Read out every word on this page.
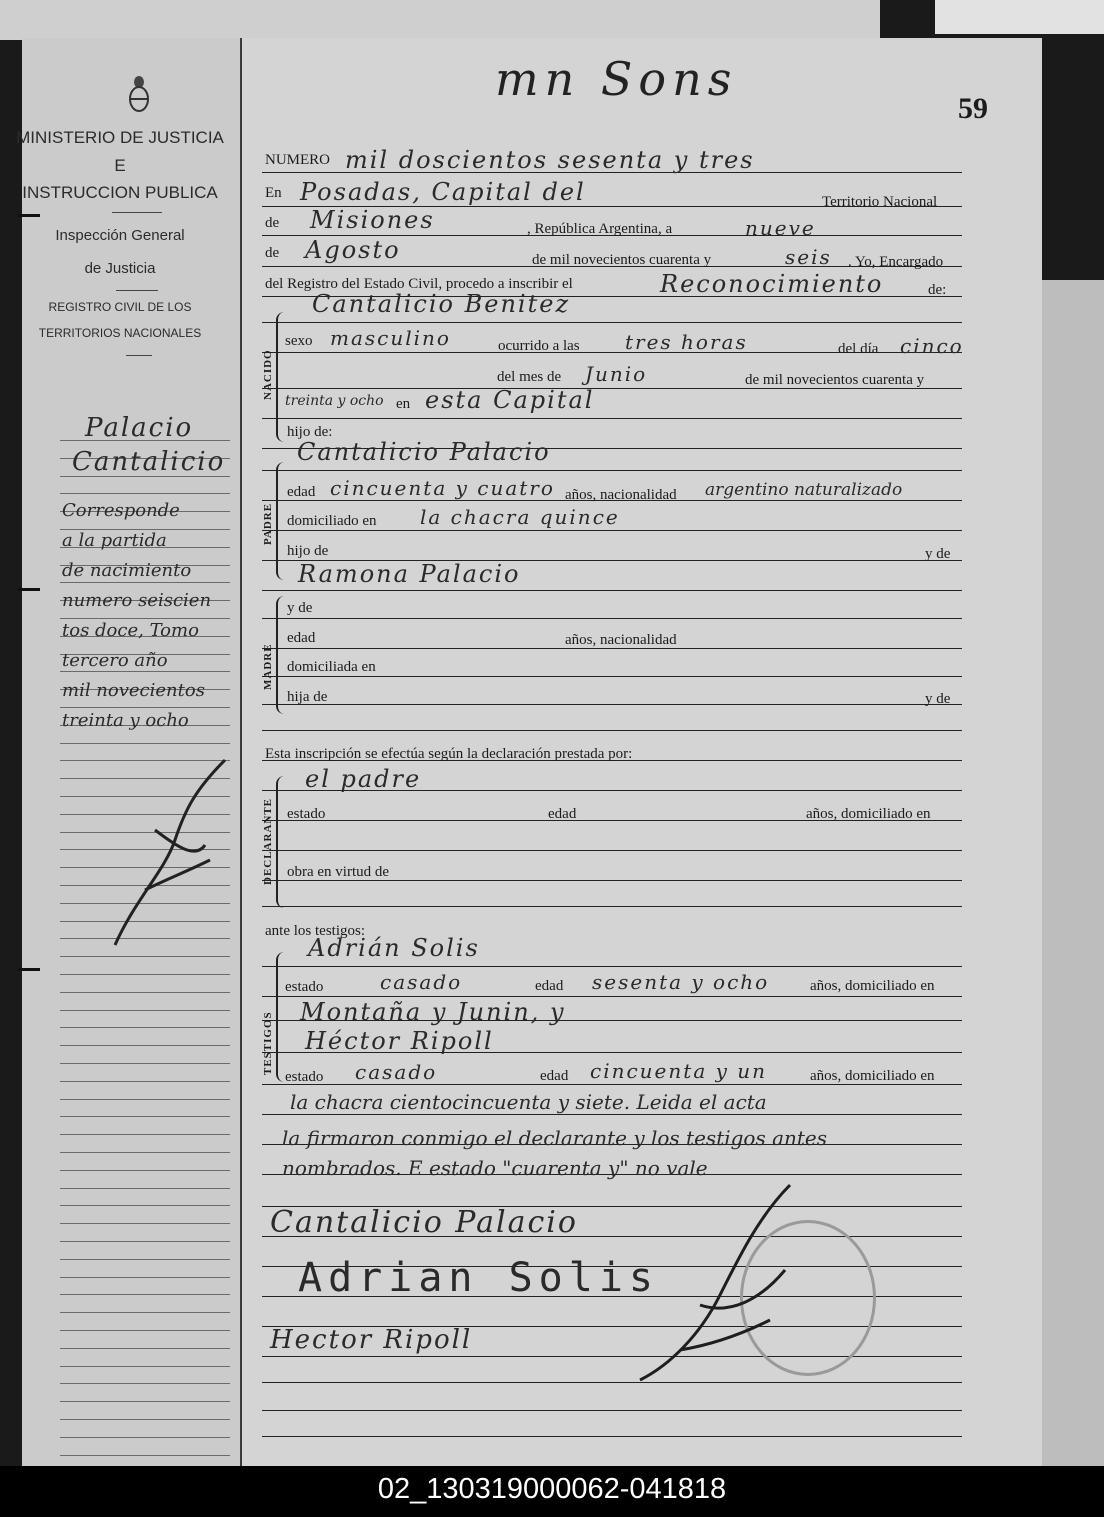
MINISTERIO DE JUSTICIA
E
INSTRUCCION PUBLICA
Inspección General
de Justicia
REGISTRO CIVIL DE LOS
TERRITORIOS NACIONALES
Palacio
Cantalicio
Corresponde
a la partida
de nacimiento
numero seiscien
tos doce, Tomo
tercero año
mil novecientos
treinta y ocho
mn Sons
59
NUMERO mil doscientos sesenta y tres
En Posadas, Capital del	Territorio Nacional
de Misiones	, República Argentina, a	nueve
de Agosto	de mil novecientos cuarenta y	seis . Yo, Encargado
del Registro del Estado Civil, procedo a inscribir el	Reconocimiento	de:
Cantalicio Benitez
NACIDO
sexo masculino	ocurrido a las tres horas	del día cinco
del mes de Junio	de mil novecientos cuarenta y
treinta y ocho en esta Capital
hijo de:
PADRE
Cantalicio Palacio
edad cincuenta y cuatro años, nacionalidad argentino naturalizado
domiciliado en la chacra quince
hijo de	y de
Ramona Palacio
MADRE
y de
edad	años, nacionalidad
domiciliada en
hija de	y de
Esta inscripción se efectúa según la declaración prestada por:
DECLARANTE
el padre
estado	edad	años, domiciliado en
obra en virtud de
ante los testigos:
TESTIGOS
Adrián Solis
estado	casado	edad sesenta y ocho	años, domiciliado en
Montaña y Junin, y
Héctor Ripoll
estado casado	edad cincuenta y un	años, domiciliado en
la chacra cientocincuenta y siete. Leida el acta
la firmaron conmigo el declarante y los testigos antes
nombrados. E estado "cuarenta y" no vale
Cantalicio Palacio
Adrian Solis
Hector Ripoll
02_130319000062-041818
